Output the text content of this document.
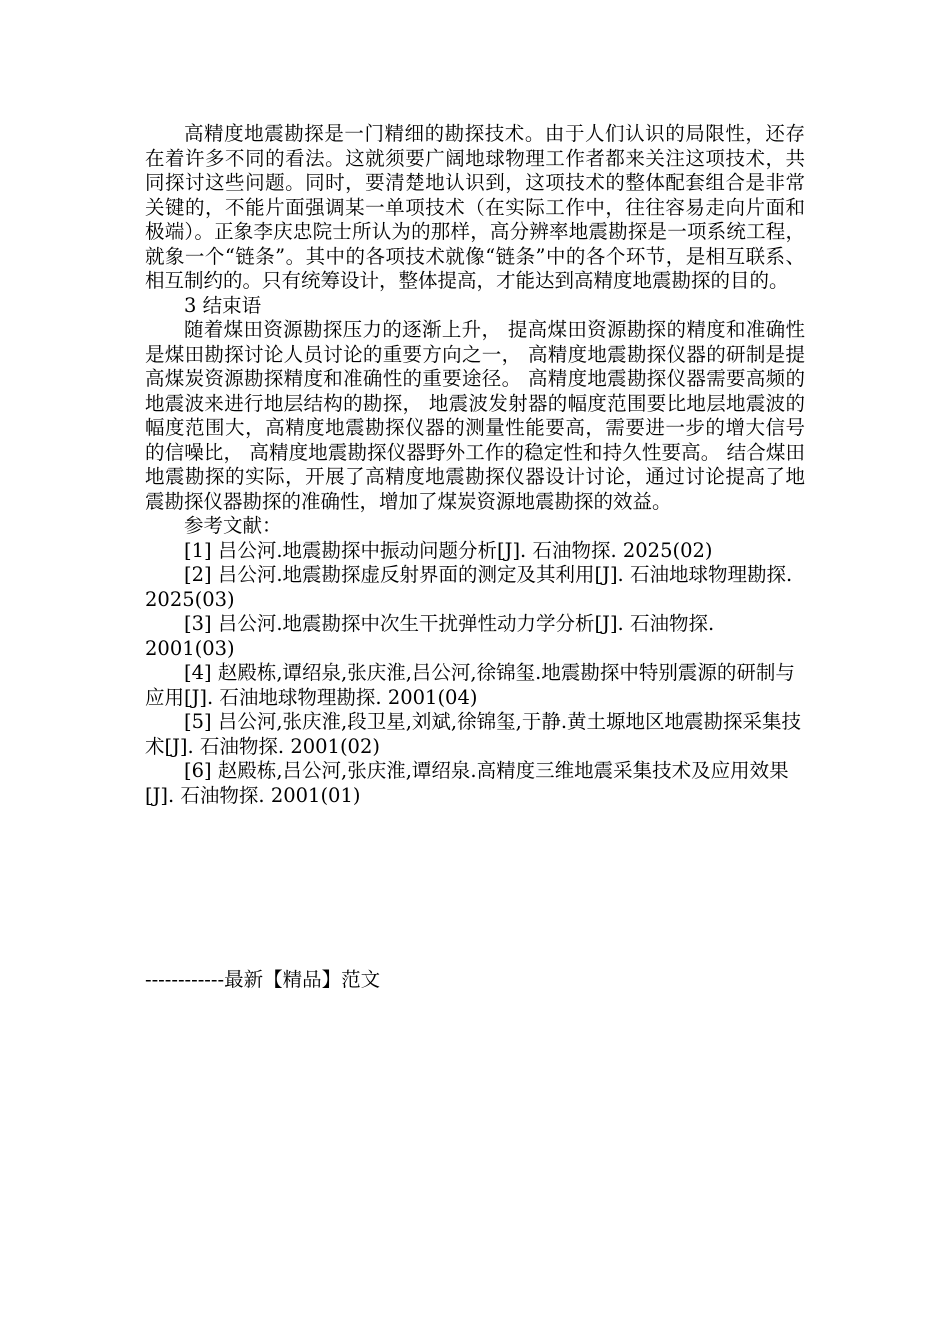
高精度地震勘探是一门精细的勘探技术。由于人们认识的局限性，还存在着许多不同的看法。这就须要广阔地球物理工作者都来关注这项技术，共同探讨这些问题。同时，要清楚地认识到，这项技术的整体配套组合是非常关键的，不能片面强调某一单项技术（在实际工作中，往往容易走向片面和极端）。正象李庆忠院士所认为的那样，高分辨率地震勘探是一项系统工程，就象一个“链条”。其中的各项技术就像“链条”中的各个环节，是相互联系、相互制约的。只有统筹设计，整体提高，才能达到高精度地震勘探的目的。

3 结束语

随着煤田资源勘探压力的逐渐上升， 提高煤田资源勘探的精度和准确性是煤田勘探讨论人员讨论的重要方向之一， 高精度地震勘探仪器的研制是提高煤炭资源勘探精度和准确性的重要途径。 高精度地震勘探仪器需要高频的地震波来进行地层结构的勘探， 地震波发射器的幅度范围要比地层地震波的幅度范围大，高精度地震勘探仪器的测量性能要高，需要进一步的增大信号的信噪比， 高精度地震勘探仪器野外工作的稳定性和持久性要高。 结合煤田地震勘探的实际，开展了高精度地震勘探仪器设计讨论，通过讨论提高了地震勘探仪器勘探的准确性，增加了煤炭资源地震勘探的效益。

参考文献：

[1] 吕公河.地震勘探中振动问题分析[J]. 石油物探. 2025(02)
[2] 吕公河.地震勘探虚反射界面的测定及其利用[J]. 石油地球物理勘探. 2025(03)
[3] 吕公河.地震勘探中次生干扰弹性动力学分析[J]. 石油物探. 2001(03)
[4] 赵殿栋,谭绍泉,张庆淮,吕公河,徐锦玺.地震勘探中特别震源的研制与应用[J]. 石油地球物理勘探. 2001(04)
[5] 吕公河,张庆淮,段卫星,刘斌,徐锦玺,于静.黄土塬地区地震勘探采集技术[J]. 石油物探. 2001(02)
[6] 赵殿栋,吕公河,张庆淮,谭绍泉.高精度三维地震采集技术及应用效果[J]. 石油物探. 2001(01)
------------最新【精品】范文
